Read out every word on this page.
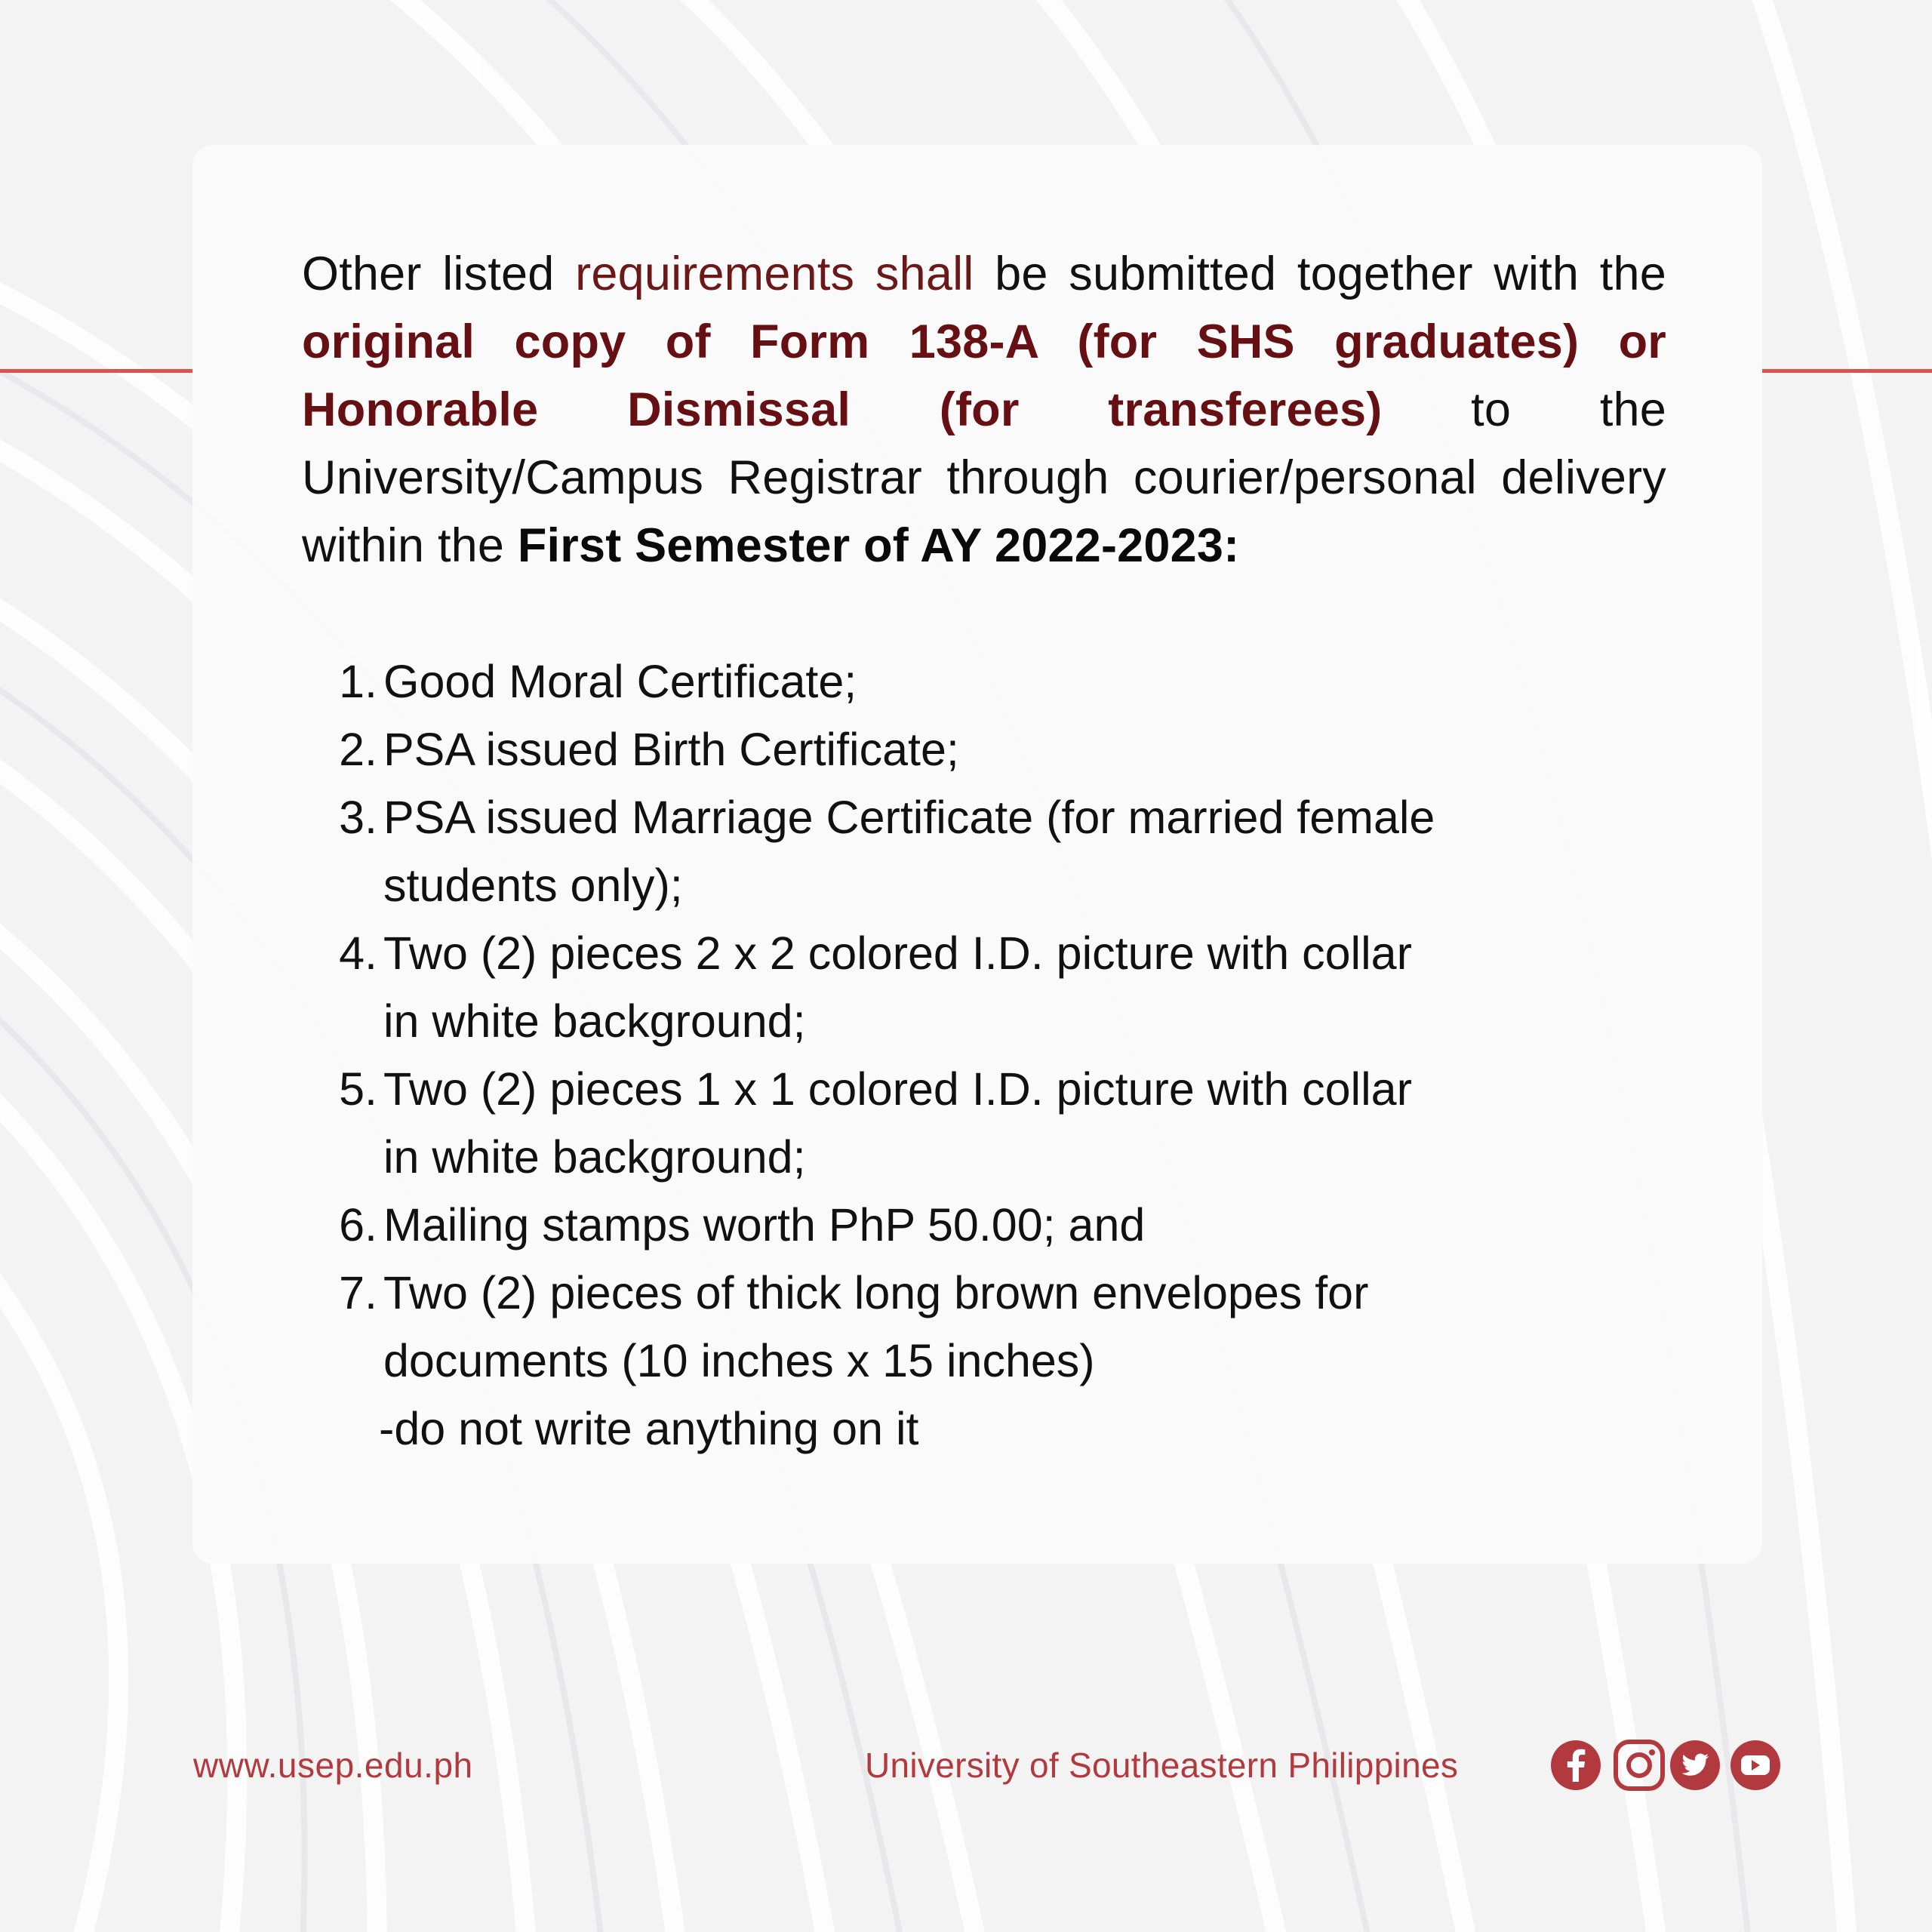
Other listed requirements shall be submitted together with the original copy of Form 138-A (for SHS graduates) or Honorable Dismissal (for transferees) to the University/Campus Registrar through courier/personal delivery within the First Semester of AY 2022-2023:

1. Good Moral Certificate;
2. PSA issued Birth Certificate;
3. PSA issued Marriage Certificate (for married female students only);
4. Two (2) pieces 2 x 2 colored I.D. picture with collar in white background;
5. Two (2) pieces 1 x 1 colored I.D. picture with collar in white background;
6. Mailing stamps worth PhP 50.00; and
7. Two (2) pieces of thick long brown envelopes for documents (10 inches x 15 inches)
-do not write anything on it
www.usep.edu.ph	University of Southeastern Philippines
